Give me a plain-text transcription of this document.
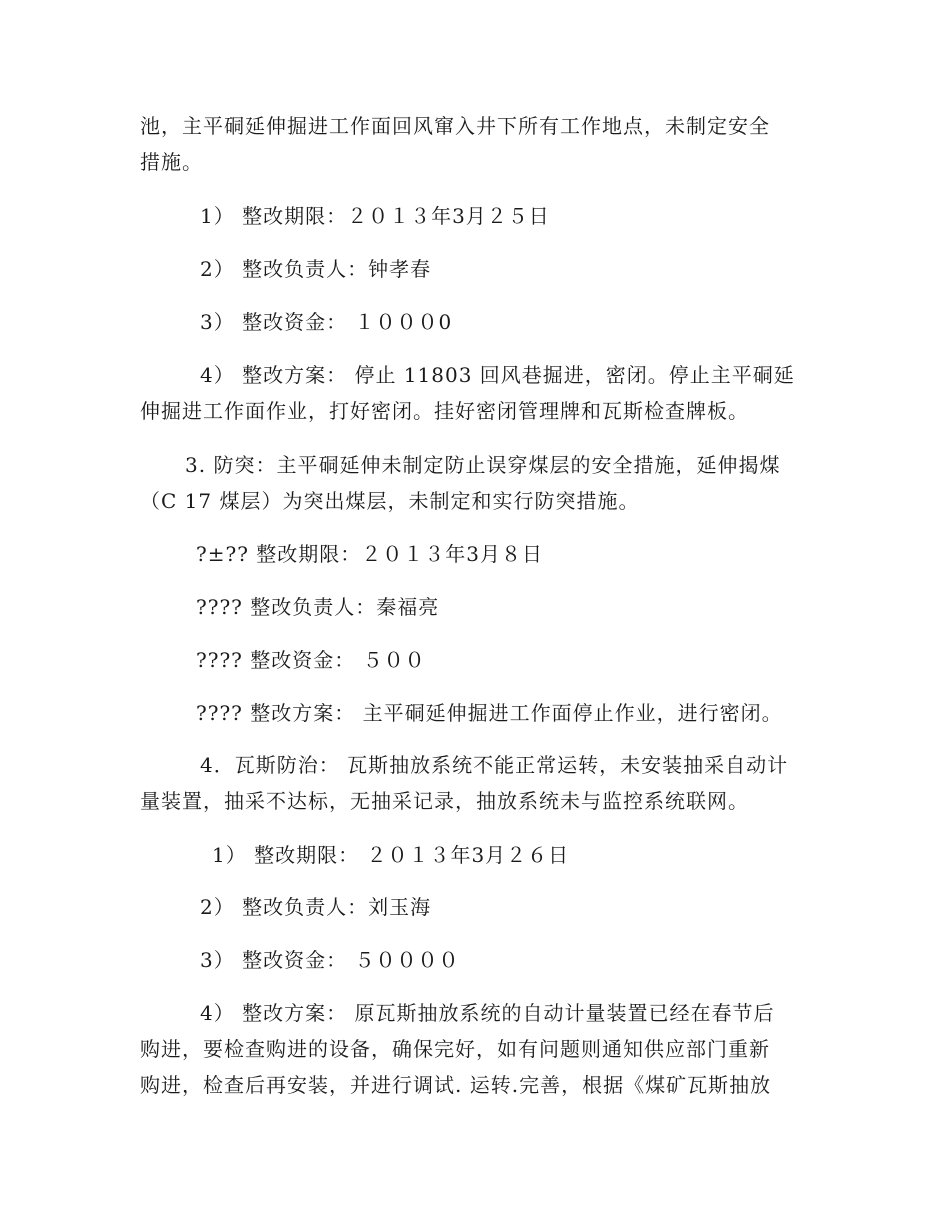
池，主平硐延伸掘进工作面回风窜入井下所有工作地点，未制定安全
措施。
1） 整改期限：２０１３年3月２５日
2） 整改负责人：钟孝春
3） 整改资金： １０００0
4） 整改方案： 停止 11803 回风巷掘进，密闭。停止主平硐延
伸掘进工作面作业，打好密闭。挂好密闭管理牌和瓦斯检查牌板。
3. 防突：主平硐延伸未制定防止误穿煤层的安全措施，延伸揭煤
（C 17 煤层）为突出煤层，未制定和实行防突措施。
?±?? 整改期限：２０１３年3月８日
???? 整改负责人：秦福亮
???? 整改资金： ５００
???? 整改方案： 主平硐延伸掘进工作面停止作业，进行密闭。
4．瓦斯防治： 瓦斯抽放系统不能正常运转，未安装抽采自动计
量装置，抽采不达标，无抽采记录，抽放系统未与监控系统联网。
1） 整改期限： ２０１３年3月２６日
2） 整改负责人：刘玉海
3） 整改资金： ５００００
4） 整改方案： 原瓦斯抽放系统的自动计量装置已经在春节后
购进，要检查购进的设备，确保完好，如有问题则通知供应部门重新
购进，检查后再安装，并进行调试. 运转.完善，根据《煤矿瓦斯抽放
